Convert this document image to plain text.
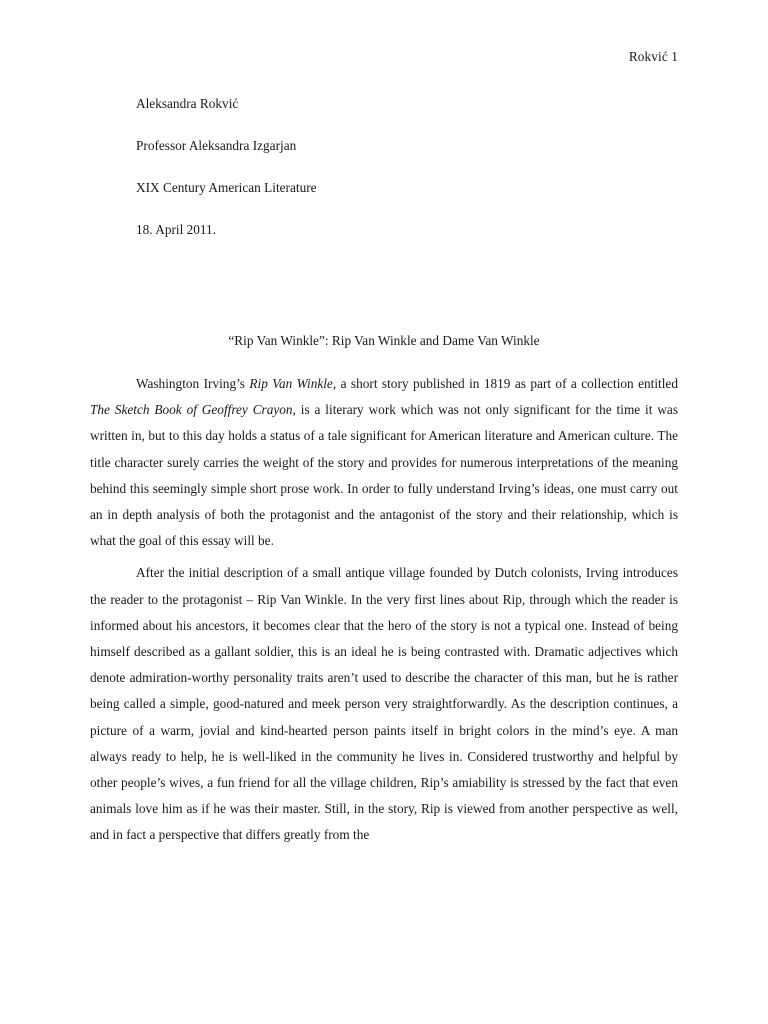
Rokvić 1
Aleksandra Rokvić
Professor Aleksandra Izgarjan
XIX Century American Literature
18. April 2011.
“Rip Van Winkle”: Rip Van Winkle and Dame Van Winkle

Washington Irving’s Rip Van Winkle, a short story published in 1819 as part of a collection entitled The Sketch Book of Geoffrey Crayon, is a literary work which was not only significant for the time it was written in, but to this day holds a status of a tale significant for American literature and American culture. The title character surely carries the weight of the story and provides for numerous interpretations of the meaning behind this seemingly simple short prose work. In order to fully understand Irving’s ideas, one must carry out an in depth analysis of both the protagonist and the antagonist of the story and their relationship, which is what the goal of this essay will be.

After the initial description of a small antique village founded by Dutch colonists, Irving introduces the reader to the protagonist – Rip Van Winkle. In the very first lines about Rip, through which the reader is informed about his ancestors, it becomes clear that the hero of the story is not a typical one. Instead of being himself described as a gallant soldier, this is an ideal he is being contrasted with. Dramatic adjectives which denote admiration-worthy personality traits aren’t used to describe the character of this man, but he is rather being called a simple, good-natured and meek person very straightforwardly. As the description continues, a picture of a warm, jovial and kind-hearted person paints itself in bright colors in the mind’s eye. A man always ready to help, he is well-liked in the community he lives in. Considered trustworthy and helpful by other people’s wives, a fun friend for all the village children, Rip’s amiability is stressed by the fact that even animals love him as if he was their master. Still, in the story, Rip is viewed from another perspective as well, and in fact a perspective that differs greatly from the
